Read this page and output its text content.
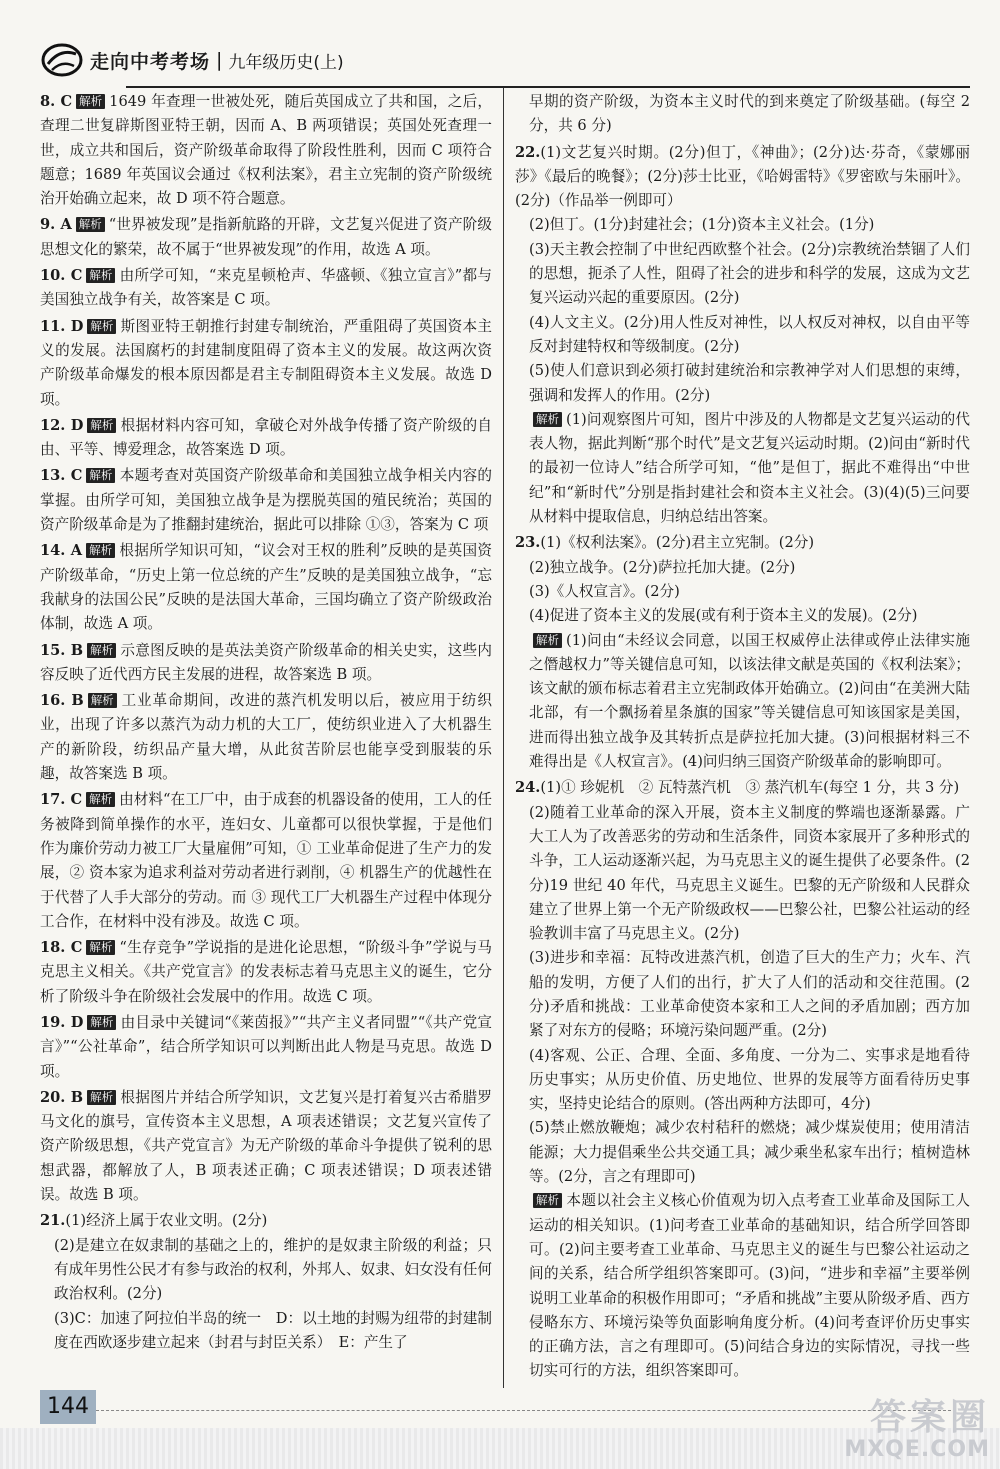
走向中考考场 | 九年级历史(上)
8. C 解析 1649 年查理一世被处死，随后英国成立了共和国，之后，查理二世复辟斯图亚特王朝，因而 A、B 两项错误；英国处死查理一世，成立共和国后，资产阶级革命取得了阶段性胜利，因而 C 项符合题意；1689 年英国议会通过《权利法案》，君主立宪制的资产阶级统治开始确立起来，故 D 项不符合题意。
9. A 解析 “世界被发现”是指新航路的开辟，文艺复兴促进了资产阶级思想文化的繁荣，故不属于“世界被发现”的作用，故选 A 项。
10. C 解析 由所学可知，“来克星顿枪声、华盛顿、《独立宣言》”都与美国独立战争有关，故答案是 C 项。
11. D 解析 斯图亚特王朝推行封建专制统治，严重阻碍了英国资本主义的发展。法国腐朽的封建制度阻碍了资本主义的发展。故这两次资产阶级革命爆发的根本原因都是君主专制阻碍资本主义发展。故选 D 项。
12. D 解析 根据材料内容可知，拿破仑对外战争传播了资产阶级的自由、平等、博爱理念，故答案选 D 项。
13. C 解析 本题考查对英国资产阶级革命和美国独立战争相关内容的掌握。由所学可知，美国独立战争是为摆脱英国的殖民统治；英国的资产阶级革命是为了推翻封建统治，据此可以排除 ①③，答案为 C 项
14. A 解析 根据所学知识可知，“议会对王权的胜利”反映的是英国资产阶级革命，“历史上第一位总统的产生”反映的是美国独立战争，“忘我献身的法国公民”反映的是法国大革命，三国均确立了资产阶级政治体制，故选 A 项。
15. B 解析 示意图反映的是英法美资产阶级革命的相关史实，这些内容反映了近代西方民主发展的进程，故答案选 B 项。
16. B 解析 工业革命期间，改进的蒸汽机发明以后，被应用于纺织业，出现了许多以蒸汽为动力机的大工厂，使纺织业进入了大机器生产的新阶段，纺织品产量大增，从此贫苦阶层也能享受到服装的乐趣，故答案选 B 项。
17. C 解析 由材料“在工厂中，由于成套的机器设备的使用，工人的任务被降到简单操作的水平，连妇女、儿童都可以很快掌握，于是他们作为廉价劳动力被工厂大量雇佣”可知，① 工业革命促进了生产力的发展，② 资本家为追求利益对劳动者进行剥削，④ 机器生产的优越性在于代替了人手大部分的劳动。而 ③ 现代工厂大机器生产过程中体现分工合作，在材料中没有涉及。故选 C 项。
18. C 解析 “生存竞争”学说指的是进化论思想，“阶级斗争”学说与马克思主义相关。《共产党宣言》的发表标志着马克思主义的诞生，它分析了阶级斗争在阶级社会发展中的作用。故选 C 项。
19. D 解析 由目录中关键词“《莱茵报》”“共产主义者同盟”“《共产党宣言》”“公社革命”，结合所学知识可以判断出此人物是马克思。故选 D 项。
20. B 解析 根据图片并结合所学知识，文艺复兴是打着复兴古希腊罗马文化的旗号，宣传资本主义思想，A 项表述错误；文艺复兴宣传了资产阶级思想，《共产党宣言》为无产阶级的革命斗争提供了锐利的思想武器，都解放了人，B 项表述正确；C 项表述错误；D 项表述错误。故选 B 项。
21.(1)经济上属于农业文明。(2分)
(2)是建立在奴隶制的基础之上的，维护的是奴隶主阶级的利益；只有成年男性公民才有参与政治的权利，外邦人、奴隶、妇女没有任何政治权利。(2分)
(3)C：加速了阿拉伯半岛的统一　D：以土地的封赐为纽带的封建制度在西欧逐步建立起来（封君与封臣关系）　E：产生了
早期的资产阶级，为资本主义时代的到来奠定了阶级基础。(每空 2 分，共 6 分)
22.(1)文艺复兴时期。(2分)但丁，《神曲》；(2分)达·芬奇，《蒙娜丽莎》《最后的晚餐》；(2分)莎士比亚，《哈姆雷特》《罗密欧与朱丽叶》。(2分)（作品举一例即可）
(2)但丁。(1分)封建社会；(1分)资本主义社会。(1分)
(3)天主教会控制了中世纪西欧整个社会。(2分)宗教统治禁锢了人们的思想，扼杀了人性，阻碍了社会的进步和科学的发展，这成为文艺复兴运动兴起的重要原因。(2分)
(4)人文主义。(2分)用人性反对神性，以人权反对神权，以自由平等反对封建特权和等级制度。(2分)
(5)使人们意识到必须打破封建统治和宗教神学对人们思想的束缚，强调和发挥人的作用。(2分)
解析 (1)问观察图片可知，图片中涉及的人物都是文艺复兴运动的代表人物，据此判断“那个时代”是文艺复兴运动时期。(2)问由“新时代的最初一位诗人”结合所学可知，“他”是但丁，据此不难得出“中世纪”和“新时代”分别是指封建社会和资本主义社会。(3)(4)(5)三问要从材料中提取信息，归纳总结出答案。
23.(1)《权利法案》。(2分)君主立宪制。(2分)
(2)独立战争。(2分)萨拉托加大捷。(2分)
(3)《人权宣言》。(2分)
(4)促进了资本主义的发展(或有利于资本主义的发展)。(2分)
解析 (1)问由“未经议会同意，以国王权威停止法律或停止法律实施之僭越权力”等关键信息可知，以该法律文献是英国的《权利法案》；该文献的颁布标志着君主立宪制政体开始确立。(2)问由“在美洲大陆北部，有一个飘扬着星条旗的国家”等关键信息可知该国家是美国，进而得出独立战争及其转折点是萨拉托加大捷。(3)问根据材料三不难得出是《人权宣言》。(4)问归纳三国资产阶级革命的影响即可。
24.(1)① 珍妮机　② 瓦特蒸汽机　③ 蒸汽机车(每空 1 分，共 3 分)
(2)随着工业革命的深入开展，资本主义制度的弊端也逐渐暴露。广大工人为了改善恶劣的劳动和生活条件，同资本家展开了多种形式的斗争，工人运动逐渐兴起，为马克思主义的诞生提供了必要条件。(2分)19 世纪 40 年代，马克思主义诞生。巴黎的无产阶级和人民群众建立了世界上第一个无产阶级政权——巴黎公社，巴黎公社运动的经验教训丰富了马克思主义。(2分)
(3)进步和幸福：瓦特改进蒸汽机，创造了巨大的生产力；火车、汽船的发明，方便了人们的出行，扩大了人们的活动和交往范围。(2分)矛盾和挑战：工业革命使资本家和工人之间的矛盾加剧；西方加紧了对东方的侵略；环境污染问题严重。(2分)
(4)客观、公正、合理、全面、多角度、一分为二、实事求是地看待历史事实；从历史价值、历史地位、世界的发展等方面看待历史事实，坚持史论结合的原则。(答出两种方法即可，4分)
(5)禁止燃放鞭炮；减少农村秸秆的燃烧；减少煤炭使用；使用清洁能源；大力提倡乘坐公共交通工具；减少乘坐私家车出行；植树造林等。(2分，言之有理即可)
解析 本题以社会主义核心价值观为切入点考查工业革命及国际工人运动的相关知识。(1)问考查工业革命的基础知识，结合所学回答即可。(2)问主要考查工业革命、马克思主义的诞生与巴黎公社运动之间的关系，结合所学组织答案即可。(3)问，“进步和幸福”主要举例说明工业革命的积极作用即可；“矛盾和挑战”主要从阶级矛盾、西方侵略东方、环境污染等负面影响角度分析。(4)问考查评价历史事实的正确方法，言之有理即可。(5)问结合身边的实际情况，寻找一些切实可行的方法，组织答案即可。
144	答案圈
MXQE.COM
